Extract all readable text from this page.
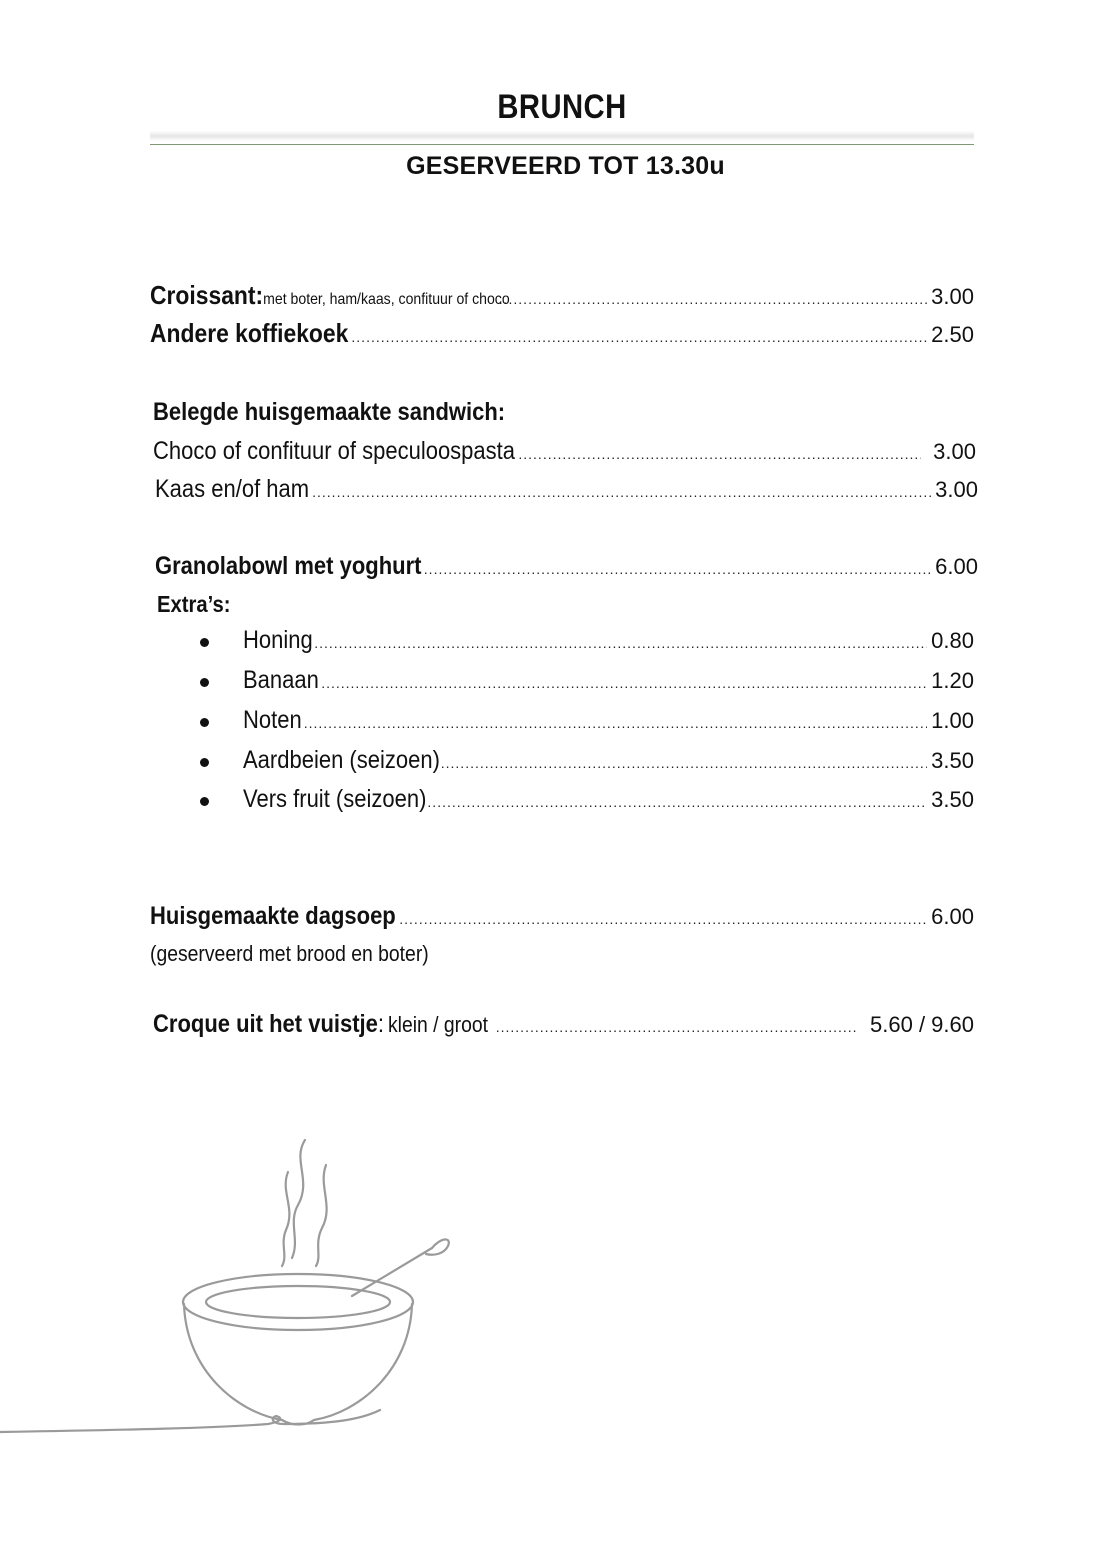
BRUNCH
GESERVEERD TOT 13.30u
Croissant:met boter, ham/kaas, confituur of choco .....	3.00
Andere koffiekoek .....	2.50
Belegde huisgemaakte sandwich:
Choco of confituur of speculoospasta .....	3.00
Kaas en/of ham .....	3.00
Granolabowl met yoghurt .....	6.00
Extra’s:
Honing .....	0.80
Banaan .....	1.20
Noten .....	1.00
Aardbeien (seizoen) .....	3.50
Vers fruit (seizoen) .....	3.50
Huisgemaakte dagsoep .....	6.00
(geserveerd met brood en boter)
Croque uit het vuistje: klein / groot .....	5.60 / 9.60
